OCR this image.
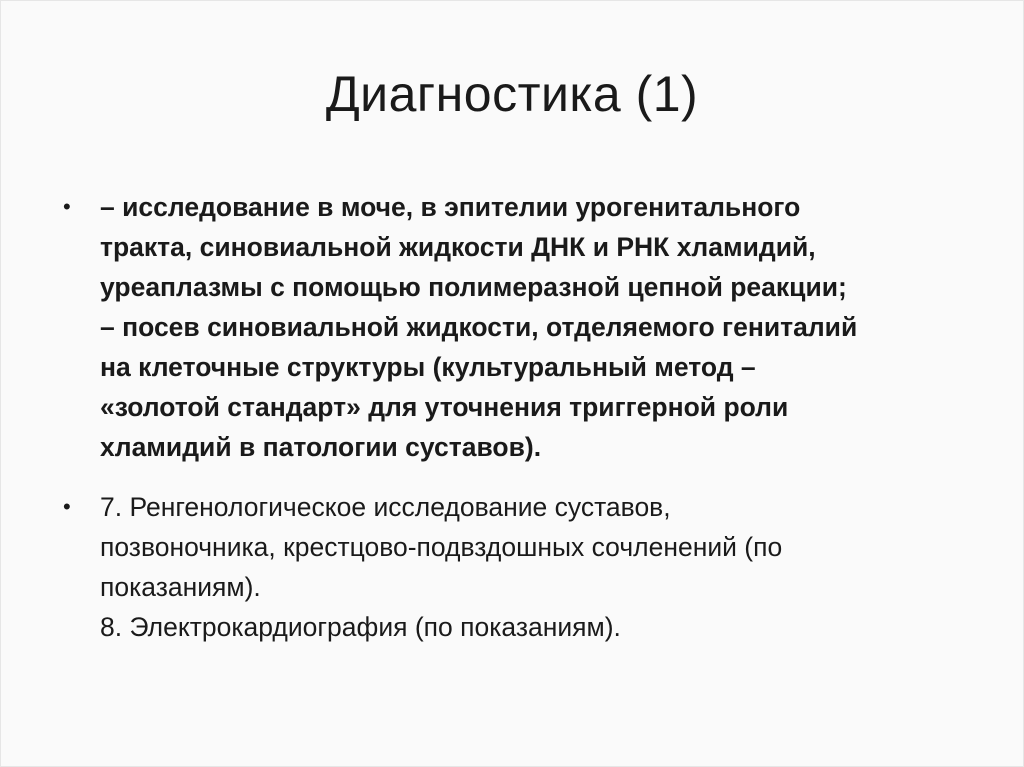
Диагностика (1)
• – исследование в моче, в эпителии урогенитального
тракта, синовиальной жидкости ДНК и РНК хламидий,
уреаплазмы с помощью полимеразной цепной реакции;
– посев синовиальной жидкости, отделяемого гениталий
на клеточные структуры (культуральный метод –
«золотой стандарт» для уточнения триггерной роли
хламидий в патологии суставов).
• 7. Ренгенологическое исследование суставов,
позвоночника, крестцово-подвздошных сочленений (по
показаниям).
8. Электрокардиография (по показаниям).
